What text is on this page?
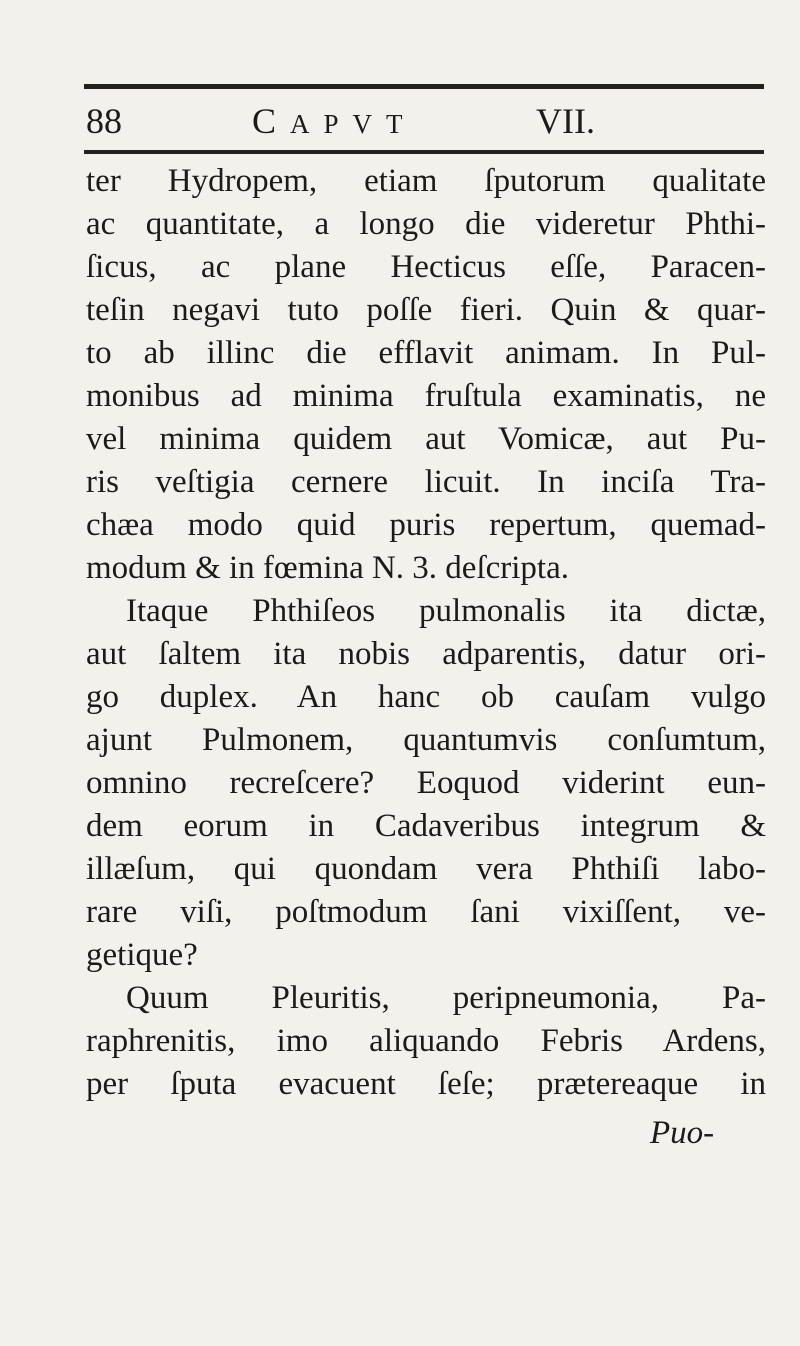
88	CAPVT	VII.
ter Hydropem, etiam ſputorum qualitate
ac quantitate, a longo die videretur Phthi-
ſicus, ac plane Hecticus eſſe, Paracen-
teſin negavi tuto poſſe fieri. Quin & quar-
to ab illinc die efflavit animam. In Pul-
monibus ad minima fruſtula examinatis, ne
vel minima quidem aut Vomicæ, aut Pu-
ris veſtigia cernere licuit. In inciſa Tra-
chæa modo quid puris repertum, quemad-
modum & in fœmina N. 3. deſcripta.
Itaque Phthiſeos pulmonalis ita dictæ,
aut ſaltem ita nobis adparentis, datur ori-
go duplex. An hanc ob cauſam vulgo
ajunt Pulmonem, quantumvis conſumtum,
omnino recreſcere? Eoquod viderint eun-
dem eorum in Cadaveribus integrum &
illæſum, qui quondam vera Phthiſi labo-
rare viſi, poſtmodum ſani vixiſſent, ve-
getique?
Quum Pleuritis, peripneumonia, Pa-
raphrenitis, imo aliquando Febris Ardens,
per ſputa evacuent ſeſe; prætereaque in
Puo-
